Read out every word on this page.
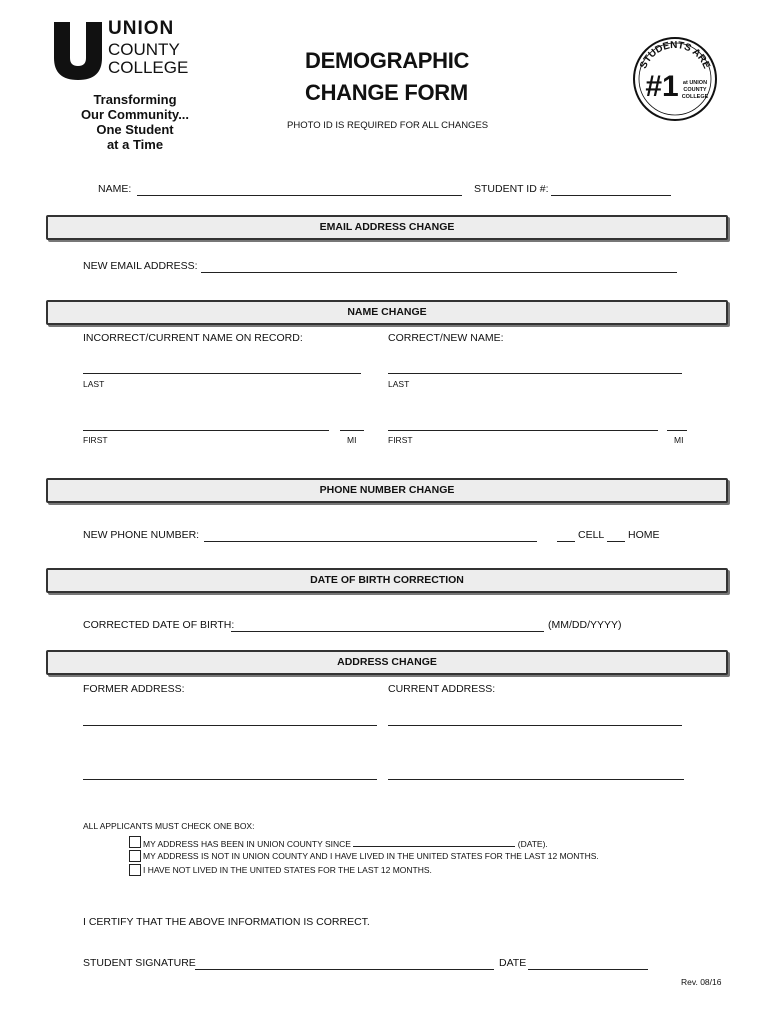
UNION
COUNTY
COLLEGE
Transforming
Our Community...
One Student
at a Time
DEMOGRAPHIC
CHANGE FORM
PHOTO ID IS REQUIRED FOR ALL CHANGES
STUDENTS ARE
#1 at UNION
COUNTY
COLLEGE
NAME:	STUDENT ID #:
EMAIL ADDRESS CHANGE
NEW EMAIL ADDRESS:
NAME CHANGE
INCORRECT/CURRENT NAME ON RECORD:	CORRECT/NEW NAME:
LAST	LAST
FIRST	MI	FIRST	MI
PHONE NUMBER CHANGE
NEW PHONE NUMBER:	CELL HOME
DATE OF BIRTH CORRECTION
CORRECTED DATE OF BIRTH:	(MM/DD/YYYY)
ADDRESS CHANGE
FORMER ADDRESS:	CURRENT ADDRESS:
ALL APPLICANTS MUST CHECK ONE BOX:
MY ADDRESS HAS BEEN IN UNION COUNTY SINCE	(DATE).
MY ADDRESS IS NOT IN UNION COUNTY AND I HAVE LIVED IN THE UNITED STATES FOR THE LAST 12 MONTHS.
I HAVE NOT LIVED IN THE UNITED STATES FOR THE LAST 12 MONTHS.
I CERTIFY THAT THE ABOVE INFORMATION IS CORRECT.
STUDENT SIGNATURE	DATE
Rev. 08/16
